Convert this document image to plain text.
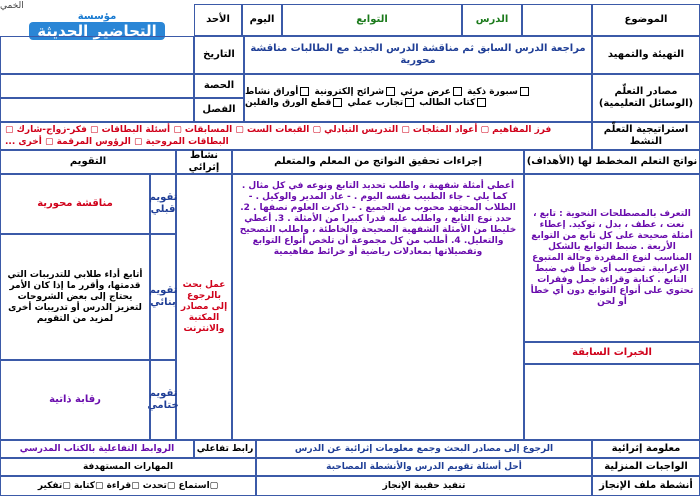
الموضوع
الدرس
التوابع
اليوم
الأحد
الخمي
مؤسسة
التحاضير الحديثة
التهيئة والتمهيد
مراجعة الدرس السابق ثم مناقشة الدرس الجديد مع الطالبات مناقشة محورية
التاريخ
مصادر التعلّم (الوسائل التعليمية)
سبورة ذكية عرض مرئي شرائح إلكترونية أوراق نشاط
كتاب الطالب تجارب عملي قطع الورق والفلين
الحصة
الفصل
استراتيجية التعلّم النشط
فرز المفاهيم ▢ أعواد المثلجات ▢ التدريس التبادلي ▢ القبعات الست ▢ المسابقات ▢ أسئلة البطاقات ▢ فكر-زواج-شارك ▢
البطاقات المروحية ▢ الرؤوس المرقمة ▢ أخرى ...
نواتج التعلم المخطط لها (الأهداف)
إجراءات تحقيق النواتج من المعلم والمتعلم
نشاط إثرائي
التقويم
التعرف بالمصطلحات النحوية : تابع ، نعت ، عطف ، بدل ، توكيد. إعطاء أمثلة صحيحة على كل تابع من التوابع الأربعة . ضبط التوابع بالشكل المناسب لنوع المفردة وحالة المتبوع الإعرابية. تصويب أي خطأ في ضبط التابع . كتابة وقراءة جمل وفقرات تحتوي على أنواع التوابع دون أي خطأ أو لحن
الخبرات السابقة
أعطي أمثلة شفهية ، واطلب تحديد التابع ونوعه في كل مثال . كما يلي - جاء الطبيب نفسه اليوم . - عاد المدير والوكيل . - الطلاب المجتهد محبوب من الجميع . - ذاكرت العلوم نصفها . 2. حدد نوع التابع ، واطلب عليه قدرا كبيرا من الأمثلة . 3. أعطي خليطا من الأمثلة الشفهية الصحيحة والخاطئة ، واطلب التصحيح والتعليل. 4. أطلب من كل مجموعة أن تلخص أنواع التوابع وتفصيلاتها بمعادلات رياضية أو خرائط مفاهيمية
عمل بحث بالرجوع إلى مصادر المكتبة والانترنت
تقويم قبلي
تقويم بنائي
تقويم ختامي
مناقشة محورية
أتابع أداء طلابي للتدريبات التي قدمتها، وأقرر ما إذا كان الأمر يحتاج إلى بعض الشروحات لتعزيز الدرس أو تدريبات أخرى لمزيد من التقويم
رقابة ذاتية
معلومة إثرائية
الرجوع إلى مصادر البحث وجمع معلومات إثرائية عن الدرس
رابط تفاعلي
الروابط التفاعلية بالكتاب المدرسي
الواجبات المنزلية
أحل أسئلة تقويم الدرس والأنشطة المصاحبة
المهارات المستهدفة
أنشطة ملف الإنجاز
تنفيذ حقيبة الإنجاز
▢استماع ▢تحدث ▢قراءة ▢كتابة ▢تفكير
